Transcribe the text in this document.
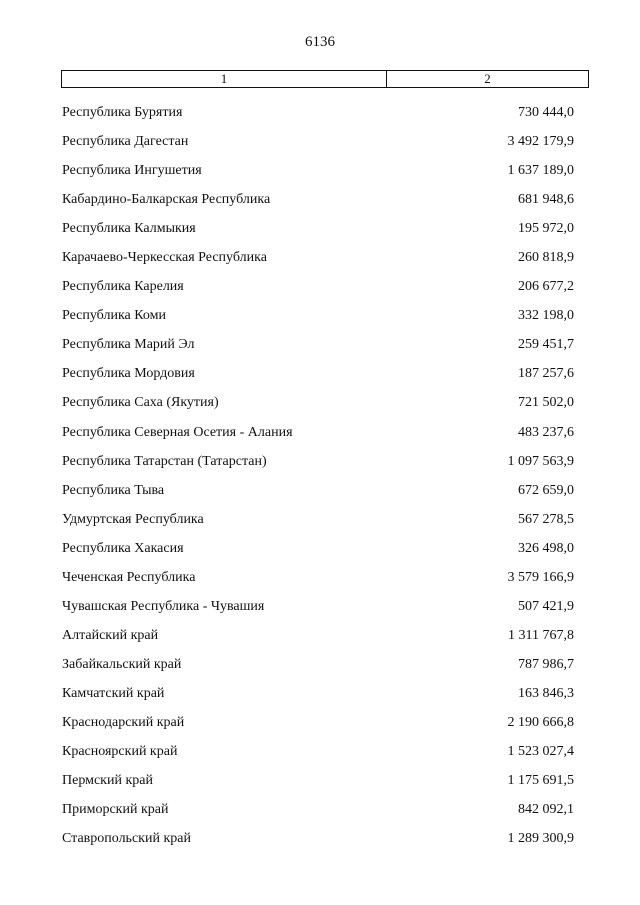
6136
1	2
Республика Бурятия	730 444,0
Республика Дагестан	3 492 179,9
Республика Ингушетия	1 637 189,0
Кабардино-Балкарская Республика	681 948,6
Республика Калмыкия	195 972,0
Карачаево-Черкесская Республика	260 818,9
Республика Карелия	206 677,2
Республика Коми	332 198,0
Республика Марий Эл	259 451,7
Республика Мордовия	187 257,6
Республика Саха (Якутия)	721 502,0
Республика Северная Осетия - Алания	483 237,6
Республика Татарстан (Татарстан)	1 097 563,9
Республика Тыва	672 659,0
Удмуртская Республика	567 278,5
Республика Хакасия	326 498,0
Чеченская Республика	3 579 166,9
Чувашская Республика - Чувашия	507 421,9
Алтайский край	1 311 767,8
Забайкальский край	787 986,7
Камчатский край	163 846,3
Краснодарский край	2 190 666,8
Красноярский край	1 523 027,4
Пермский край	1 175 691,5
Приморский край	842 092,1
Ставропольский край	1 289 300,9
